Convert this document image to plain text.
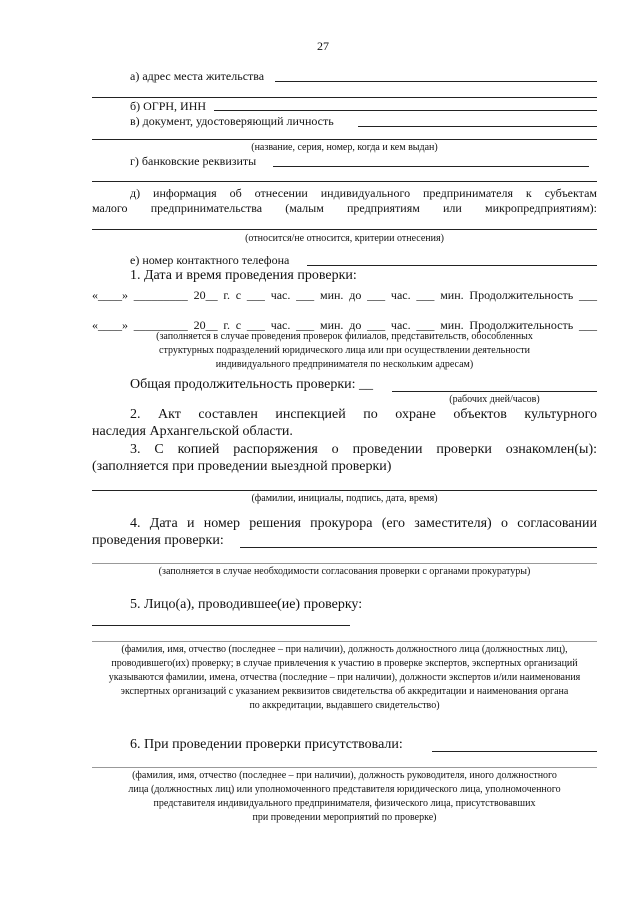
27
а) адрес места жительства
б) ОГРН, ИНН
в) документ, удостоверяющий личность
(название, серия, номер, когда и кем выдан)
г) банковские реквизиты
д) информация об отнесении индивидуального предпринимателя к субъектам
малого предпринимательства (малым предприятиям или микропредприятиям):
(относится/не относится, критерии отнесения)
е) номер контактного телефона
1. Дата и время проведения проверки:
«____» _________ 20__ г. с ___ час. ___ мин. до ___ час. ___ мин. Продолжительность ___
«____» _________ 20__ г. с ___ час. ___ мин. до ___ час. ___ мин. Продолжительность ___
(заполняется в случае проведения проверок филиалов, представительств, обособленных
структурных подразделений юридического лица или при осуществлении деятельности
индивидуального предпринимателя по нескольким адресам)
Общая продолжительность проверки: __
(рабочих дней/часов)
2. Акт составлен инспекцией по охране объектов культурного
наследия Архангельской области.
3. С копией распоряжения о проведении проверки ознакомлен(ы):
(заполняется при проведении выездной проверки)
(фамилии, инициалы, подпись, дата, время)
4. Дата и номер решения прокурора (его заместителя) о согласовании
проведения проверки:
(заполняется в случае необходимости согласования проверки с органами прокуратуры)
5. Лицо(а), проводившее(ие) проверку:
(фамилия, имя, отчество (последнее – при наличии), должность должностного лица (должностных лиц),
проводившего(их) проверку; в случае привлечения к участию в проверке экспертов, экспертных организаций
указываются фамилии, имена, отчества (последние – при наличии), должности экспертов и/или наименования
экспертных организаций с указанием реквизитов свидетельства об аккредитации и наименования органа
по аккредитации, выдавшего свидетельство)
6. При проведении проверки присутствовали:
(фамилия, имя, отчество (последнее – при наличии), должность руководителя, иного должностного
лица (должностных лиц) или уполномоченного представителя юридического лица, уполномоченного
представителя индивидуального предпринимателя, физического лица, присутствовавших
при проведении мероприятий по проверке)
